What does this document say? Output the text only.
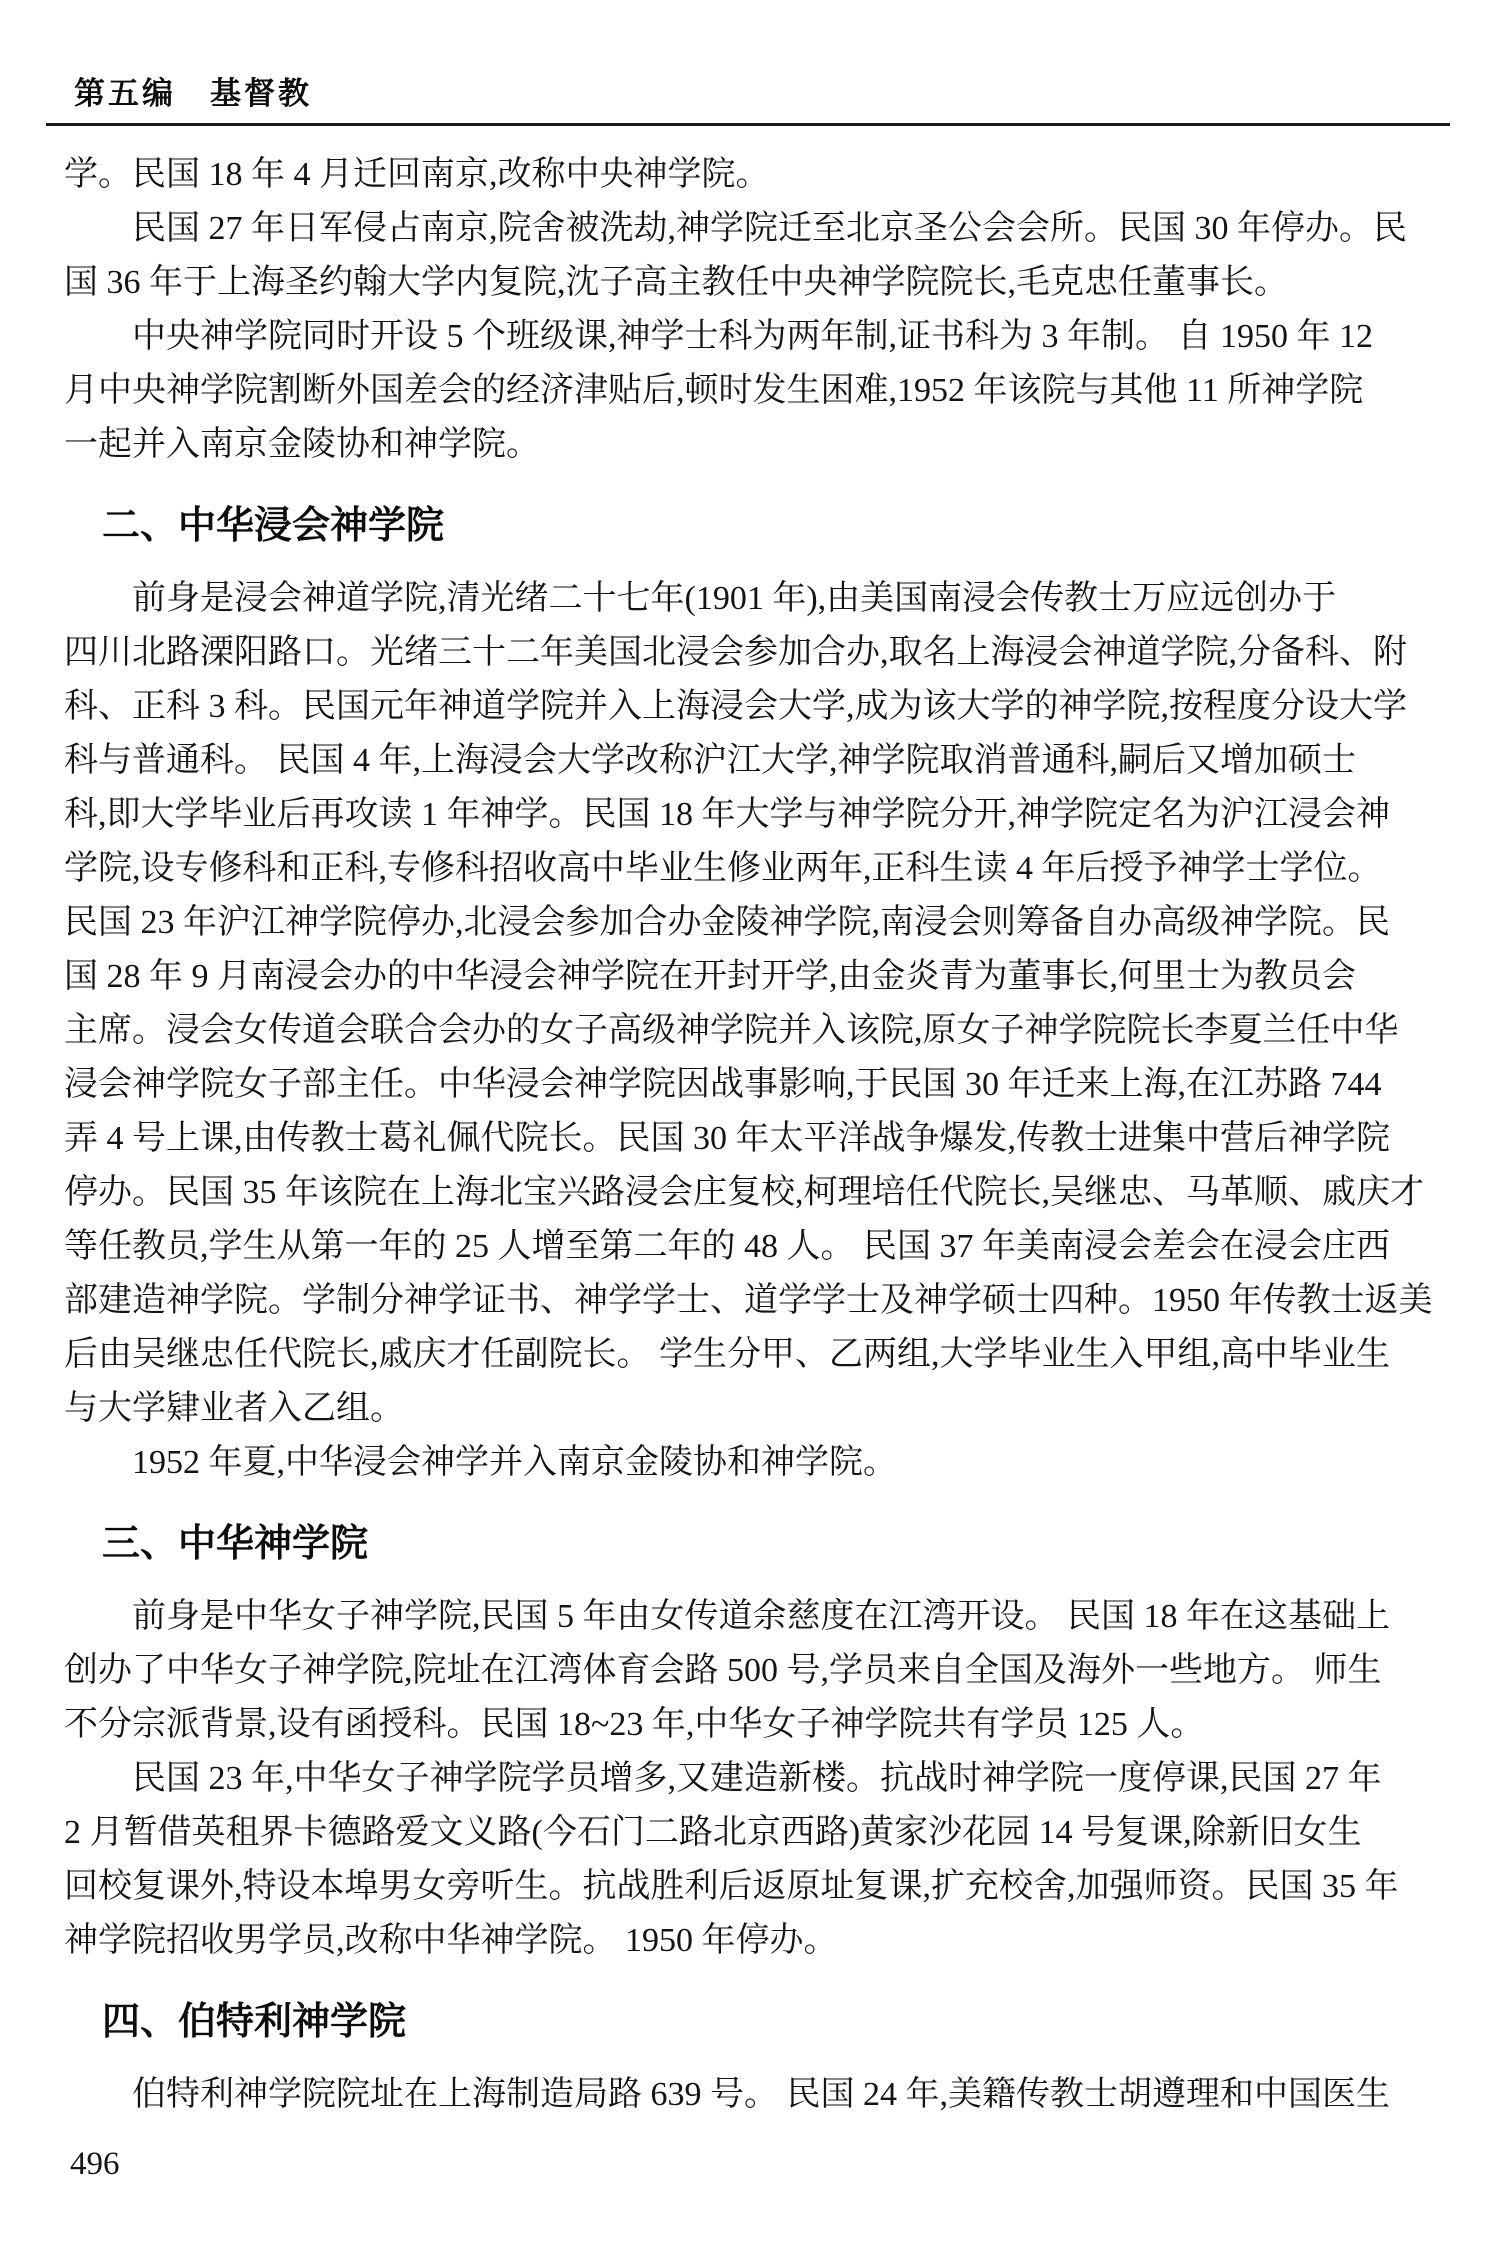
第五编　基督教
学。民国 18 年 4 月迁回南京,改称中央神学院。
　　民国 27 年日军侵占南京,院舍被洗劫,神学院迁至北京圣公会会所。民国 30 年停办。民
国 36 年于上海圣约翰大学内复院,沈子高主教任中央神学院院长,毛克忠任董事长。
　　中央神学院同时开设 5 个班级课,神学士科为两年制,证书科为 3 年制。 自 1950 年 12
月中央神学院割断外国差会的经济津贴后,顿时发生困难,1952 年该院与其他 11 所神学院
一起并入南京金陵协和神学院。
二、中华浸会神学院
　　前身是浸会神道学院,清光绪二十七年(1901 年),由美国南浸会传教士万应远创办于
四川北路溧阳路口。光绪三十二年美国北浸会参加合办,取名上海浸会神道学院,分备科、附
科、正科 3 科。民国元年神道学院并入上海浸会大学,成为该大学的神学院,按程度分设大学
科与普通科。 民国 4 年,上海浸会大学改称沪江大学,神学院取消普通科,嗣后又增加硕士
科,即大学毕业后再攻读 1 年神学。民国 18 年大学与神学院分开,神学院定名为沪江浸会神
学院,设专修科和正科,专修科招收高中毕业生修业两年,正科生读 4 年后授予神学士学位。
民国 23 年沪江神学院停办,北浸会参加合办金陵神学院,南浸会则筹备自办高级神学院。民
国 28 年 9 月南浸会办的中华浸会神学院在开封开学,由金炎青为董事长,何里士为教员会
主席。浸会女传道会联合会办的女子高级神学院并入该院,原女子神学院院长李夏兰任中华
浸会神学院女子部主任。中华浸会神学院因战事影响,于民国 30 年迁来上海,在江苏路 744
弄 4 号上课,由传教士葛礼佩代院长。民国 30 年太平洋战争爆发,传教士进集中营后神学院
停办。民国 35 年该院在上海北宝兴路浸会庄复校,柯理培任代院长,吴继忠、马革顺、戚庆才
等任教员,学生从第一年的 25 人增至第二年的 48 人。 民国 37 年美南浸会差会在浸会庄西
部建造神学院。学制分神学证书、神学学士、道学学士及神学硕士四种。1950 年传教士返美
后由吴继忠任代院长,戚庆才任副院长。 学生分甲、乙两组,大学毕业生入甲组,高中毕业生
与大学肄业者入乙组。
　　1952 年夏,中华浸会神学并入南京金陵协和神学院。
三、中华神学院
　　前身是中华女子神学院,民国 5 年由女传道余慈度在江湾开设。 民国 18 年在这基础上
创办了中华女子神学院,院址在江湾体育会路 500 号,学员来自全国及海外一些地方。 师生
不分宗派背景,设有函授科。民国 18~23 年,中华女子神学院共有学员 125 人。
　　民国 23 年,中华女子神学院学员增多,又建造新楼。抗战时神学院一度停课,民国 27 年
2 月暂借英租界卡德路爱文义路(今石门二路北京西路)黄家沙花园 14 号复课,除新旧女生
回校复课外,特设本埠男女旁听生。抗战胜利后返原址复课,扩充校舍,加强师资。民国 35 年
神学院招收男学员,改称中华神学院。 1950 年停办。
四、伯特利神学院
　　伯特利神学院院址在上海制造局路 639 号。 民国 24 年,美籍传教士胡遵理和中国医生
496
